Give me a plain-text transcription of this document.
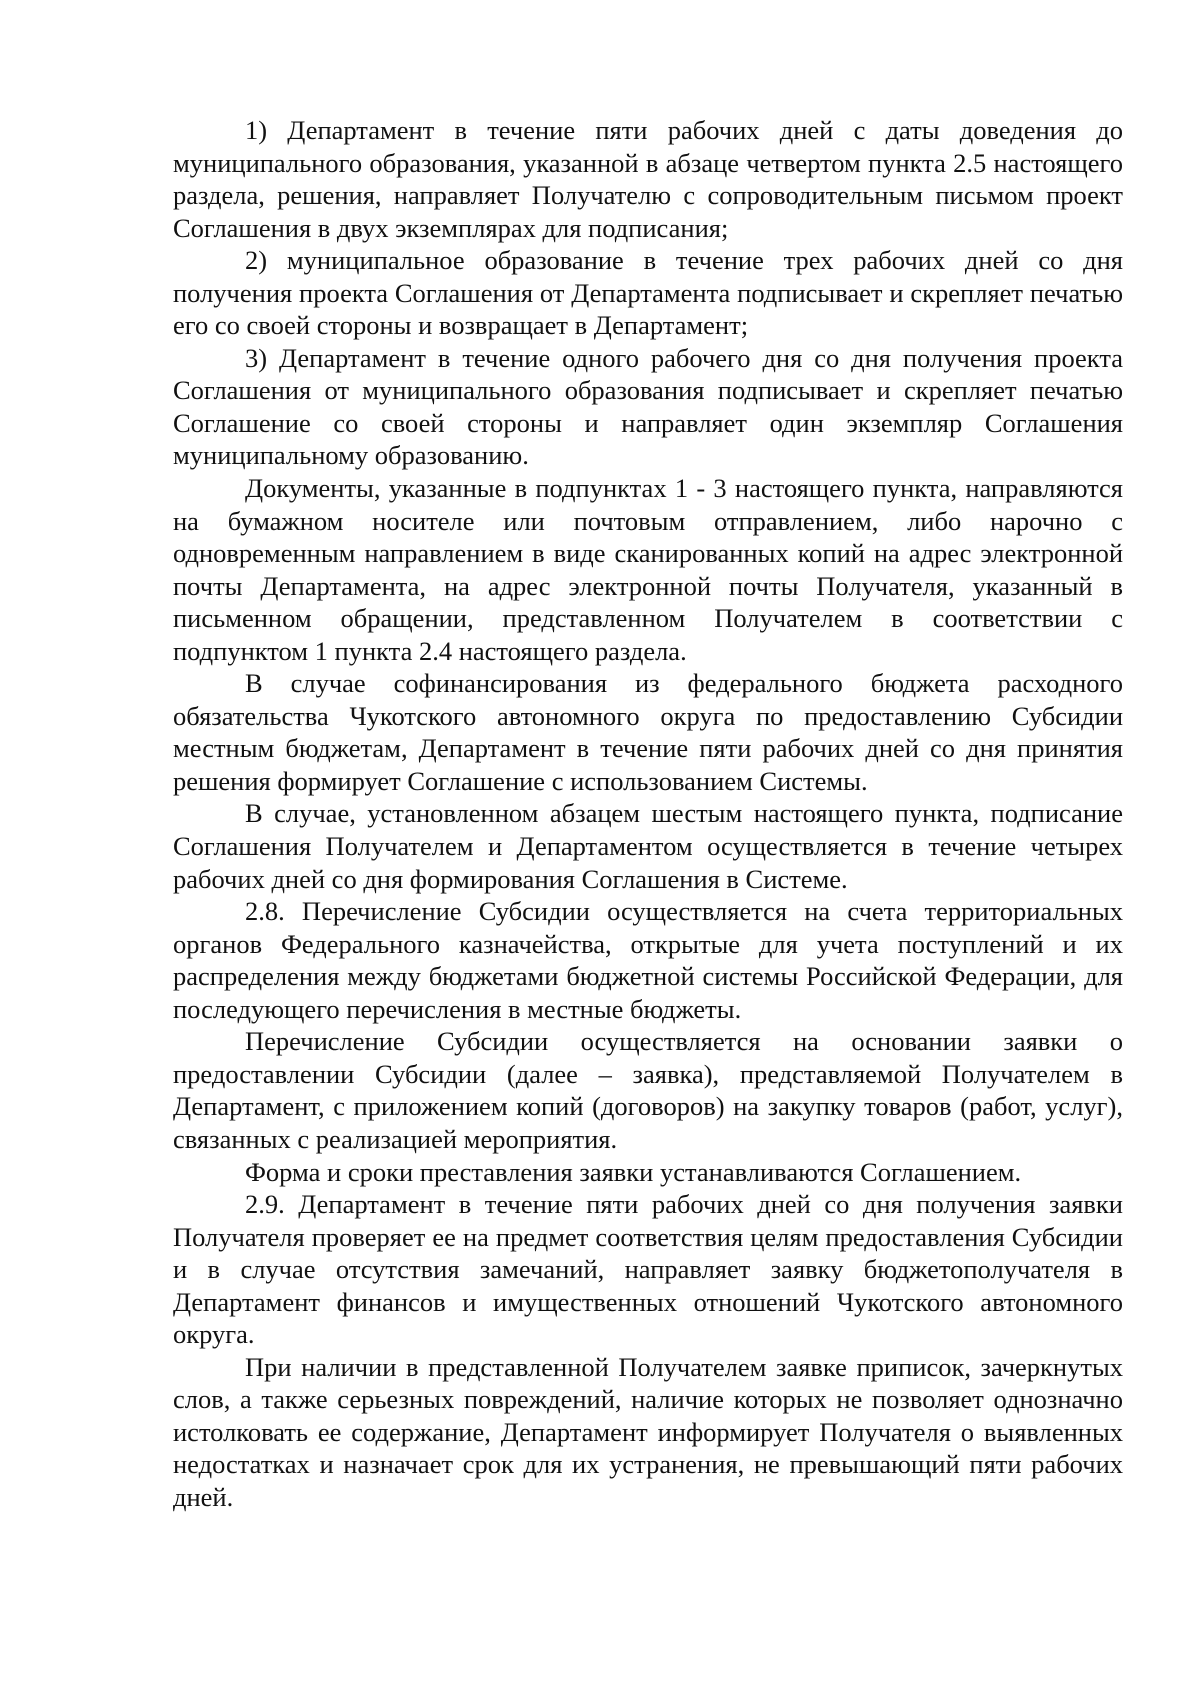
1) Департамент в течение пяти рабочих дней с даты доведения до муниципального образования, указанной в абзаце четвертом пункта 2.5 настоящего раздела, решения, направляет Получателю с сопроводительным письмом проект Соглашения в двух экземплярах для подписания;

2) муниципальное образование в течение трех рабочих дней со дня получения проекта Соглашения от Департамента подписывает и скрепляет печатью его со своей стороны и возвращает в Департамент;

3) Департамент в течение одного рабочего дня со дня получения проекта Соглашения от муниципального образования подписывает и скрепляет печатью Соглашение со своей стороны и направляет один экземпляр Соглашения муниципальному образованию.

Документы, указанные в подпунктах 1 - 3 настоящего пункта, направляются на бумажном носителе или почтовым отправлением, либо нарочно с одновременным направлением в виде сканированных копий на адрес электронной почты Департамента, на адрес электронной почты Получателя, указанный в письменном обращении, представленном Получателем в соответствии с подпунктом 1 пункта 2.4 настоящего раздела.

В случае софинансирования из федерального бюджета расходного обязательства Чукотского автономного округа по предоставлению Субсидии местным бюджетам, Департамент в течение пяти рабочих дней со дня принятия решения формирует Соглашение с использованием Системы.

В случае, установленном абзацем шестым настоящего пункта, подписание Соглашения Получателем и Департаментом осуществляется в течение четырех рабочих дней со дня формирования Соглашения в Системе.

2.8. Перечисление Субсидии осуществляется на счета территориальных органов Федерального казначейства, открытые для учета поступлений и их распределения между бюджетами бюджетной системы Российской Федерации, для последующего перечисления в местные бюджеты.

Перечисление Субсидии осуществляется на основании заявки о предоставлении Субсидии (далее – заявка), представляемой Получателем в Департамент, с приложением копий (договоров) на закупку товаров (работ, услуг), связанных с реализацией мероприятия.

Форма и сроки преставления заявки устанавливаются Соглашением.

2.9. Департамент в течение пяти рабочих дней со дня получения заявки Получателя проверяет ее на предмет соответствия целям предоставления Субсидии и в случае отсутствия замечаний, направляет заявку бюджетополучателя в Департамент финансов и имущественных отношений Чукотского автономного округа.

При наличии в представленной Получателем заявке приписок, зачеркнутых слов, а также серьезных повреждений, наличие которых не позволяет однозначно истолковать ее содержание, Департамент информирует Получателя о выявленных недостатках и назначает срок для их устранения, не превышающий пяти рабочих дней.
